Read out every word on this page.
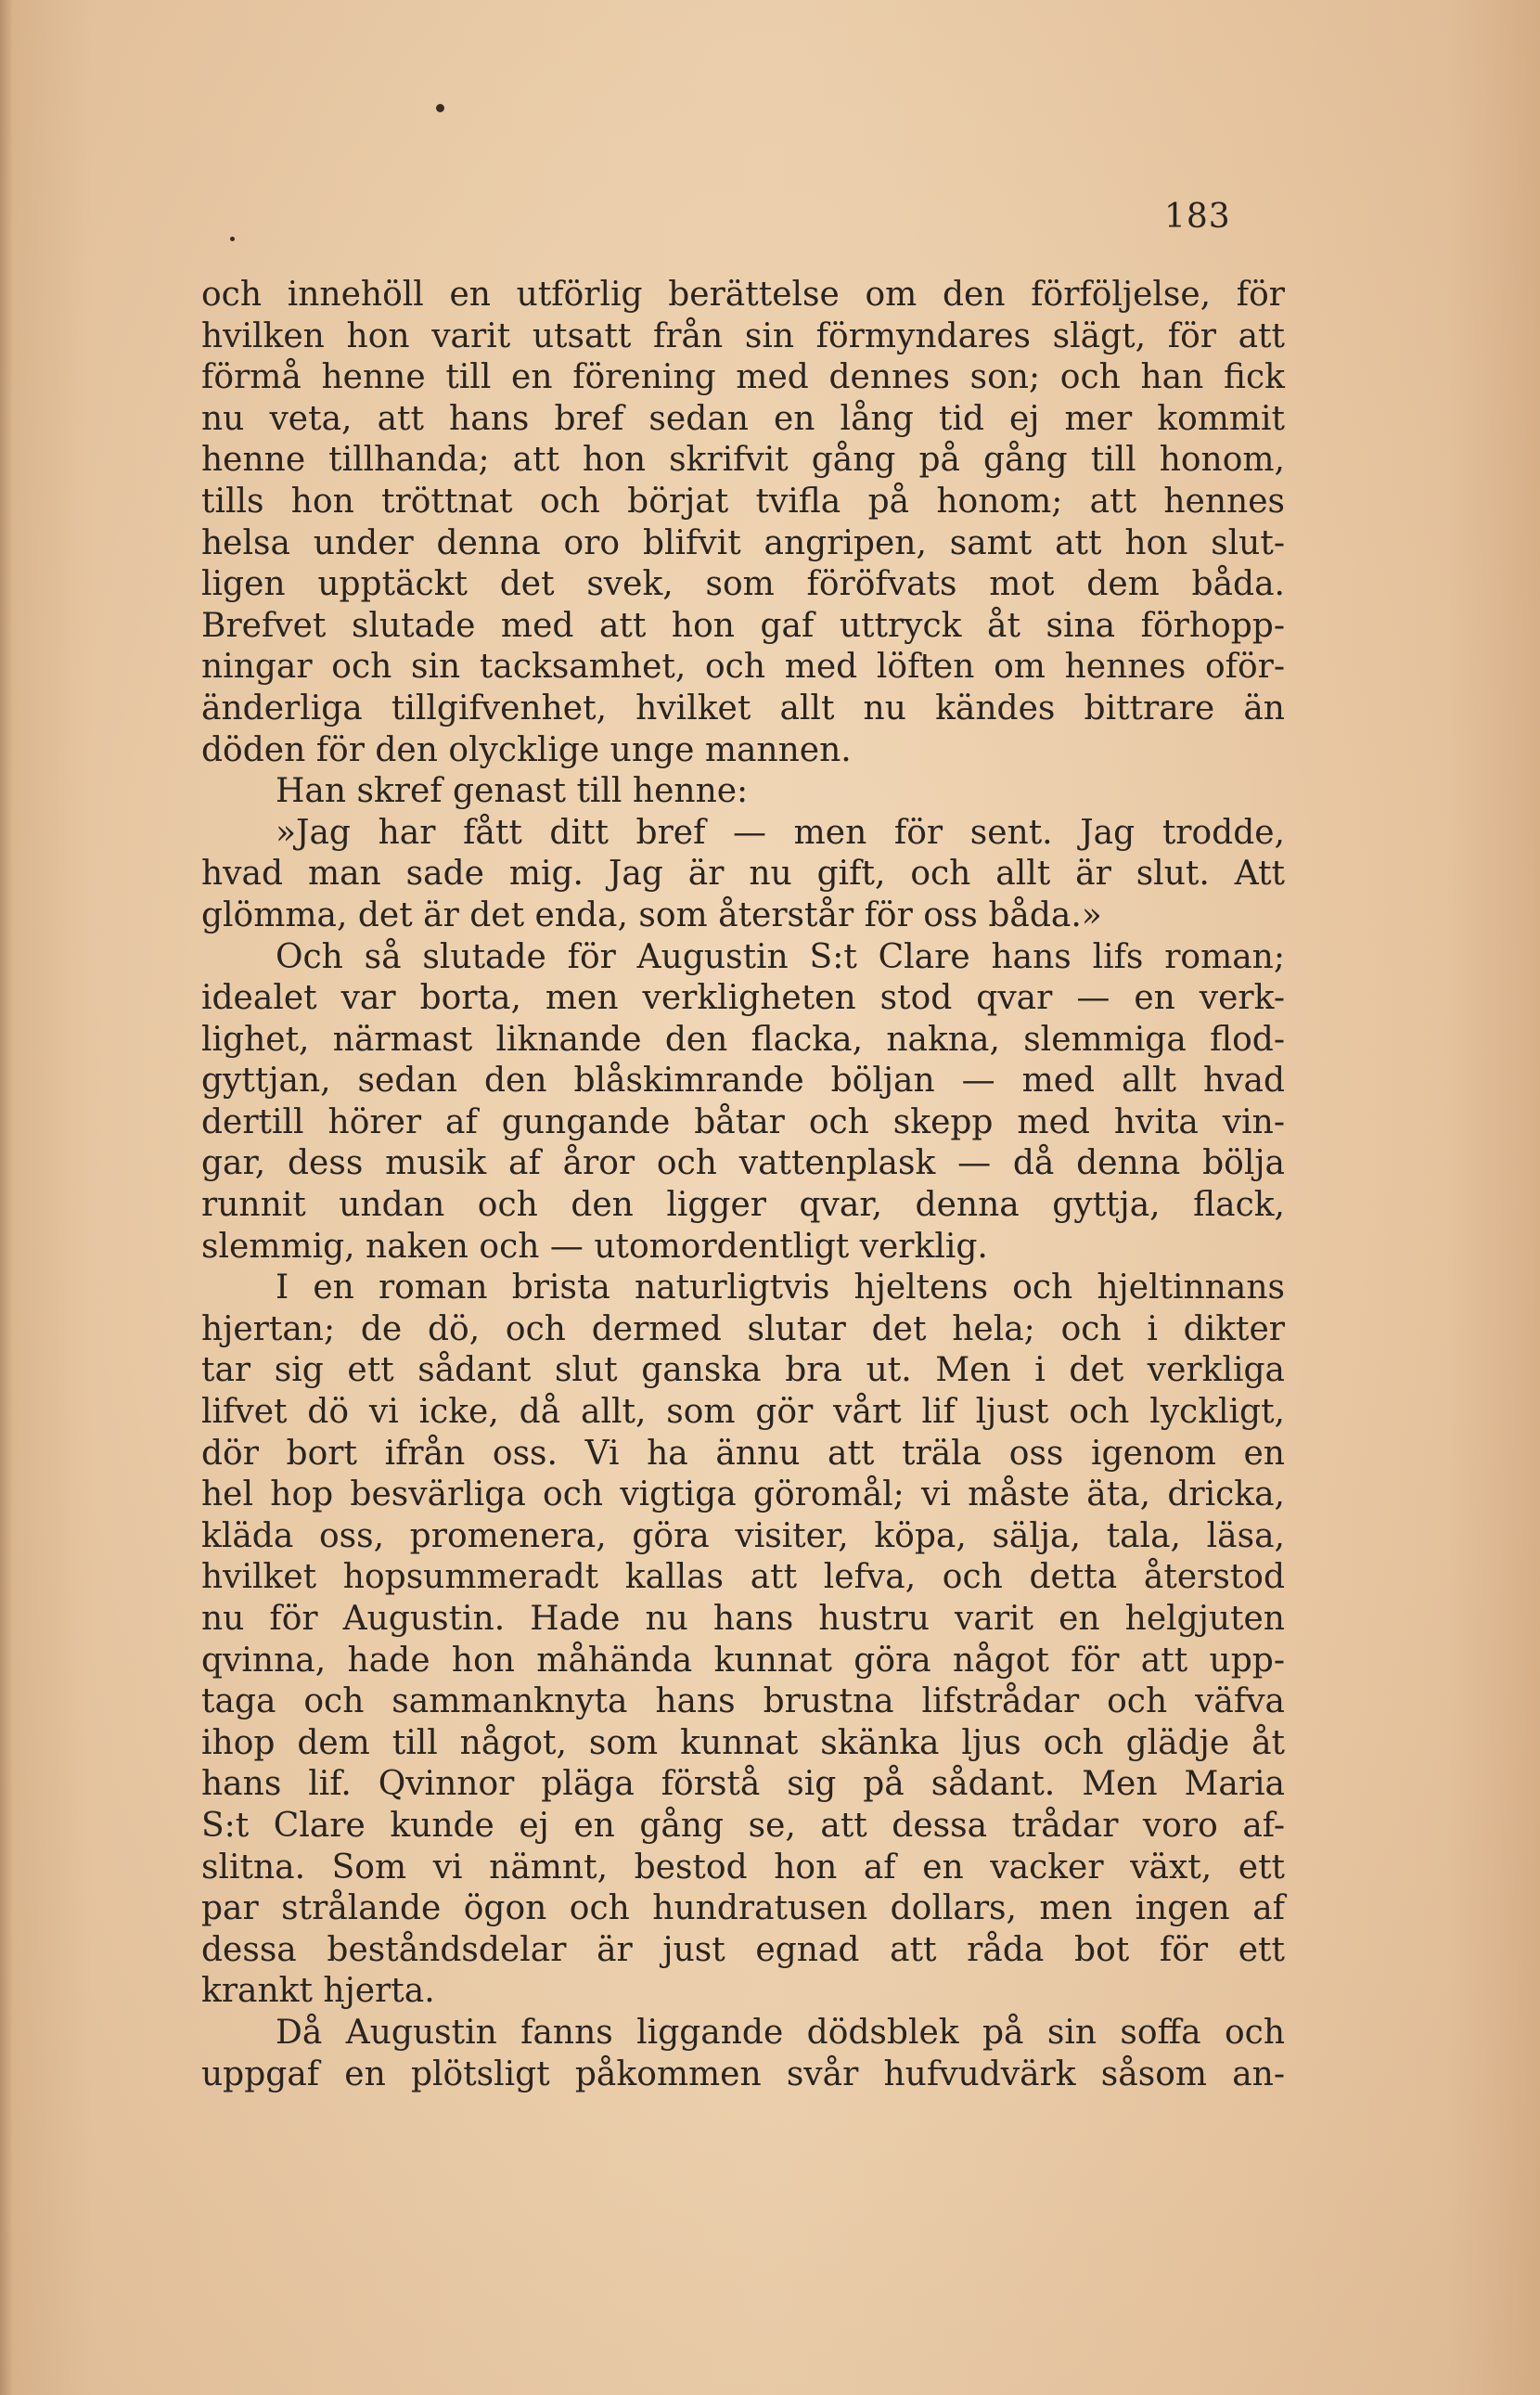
183
och innehöll en utförlig berättelse om den förföljelse, för
hvilken hon varit utsatt från sin förmyndares slägt, för att
förmå henne till en förening med dennes son; och han fick
nu veta, att hans bref sedan en lång tid ej mer kommit
henne tillhanda; att hon skrifvit gång på gång till honom,
tills hon tröttnat och börjat tvifla på honom; att hennes
helsa under denna oro blifvit angripen, samt att hon slut-
ligen upptäckt det svek, som föröfvats mot dem båda.
Brefvet slutade med att hon gaf uttryck åt sina förhopp-
ningar och sin tacksamhet, och med löften om hennes oför-
änderliga tillgifvenhet, hvilket allt nu kändes bittrare än
döden för den olycklige unge mannen.
Han skref genast till henne:
»Jag har fått ditt bref — men för sent. Jag trodde,
hvad man sade mig. Jag är nu gift, och allt är slut. Att
glömma, det är det enda, som återstår för oss båda.»
Och så slutade för Augustin S:t Clare hans lifs roman;
idealet var borta, men verkligheten stod qvar — en verk-
lighet, närmast liknande den flacka, nakna, slemmiga flod-
gyttjan, sedan den blåskimrande böljan — med allt hvad
dertill hörer af gungande båtar och skepp med hvita vin-
gar, dess musik af åror och vattenplask — då denna bölja
runnit undan och den ligger qvar, denna gyttja, flack,
slemmig, naken och — utomordentligt verklig.
I en roman brista naturligtvis hjeltens och hjeltinnans
hjertan; de dö, och dermed slutar det hela; och i dikter
tar sig ett sådant slut ganska bra ut. Men i det verkliga
lifvet dö vi icke, då allt, som gör vårt lif ljust och lyckligt,
dör bort ifrån oss. Vi ha ännu att träla oss igenom en
hel hop besvärliga och vigtiga göromål; vi måste äta, dricka,
kläda oss, promenera, göra visiter, köpa, sälja, tala, läsa,
hvilket hopsummeradt kallas att lefva, och detta återstod
nu för Augustin. Hade nu hans hustru varit en helgjuten
qvinna, hade hon måhända kunnat göra något för att upp-
taga och sammanknyta hans brustna lifstrådar och väfva
ihop dem till något, som kunnat skänka ljus och glädje åt
hans lif. Qvinnor pläga förstå sig på sådant. Men Maria
S:t Clare kunde ej en gång se, att dessa trådar voro af-
slitna. Som vi nämnt, bestod hon af en vacker växt, ett
par strålande ögon och hundratusen dollars, men ingen af
dessa beståndsdelar är just egnad att råda bot för ett
krankt hjerta.
Då Augustin fanns liggande dödsblek på sin soffa och
uppgaf en plötsligt påkommen svår hufvudvärk såsom an-
